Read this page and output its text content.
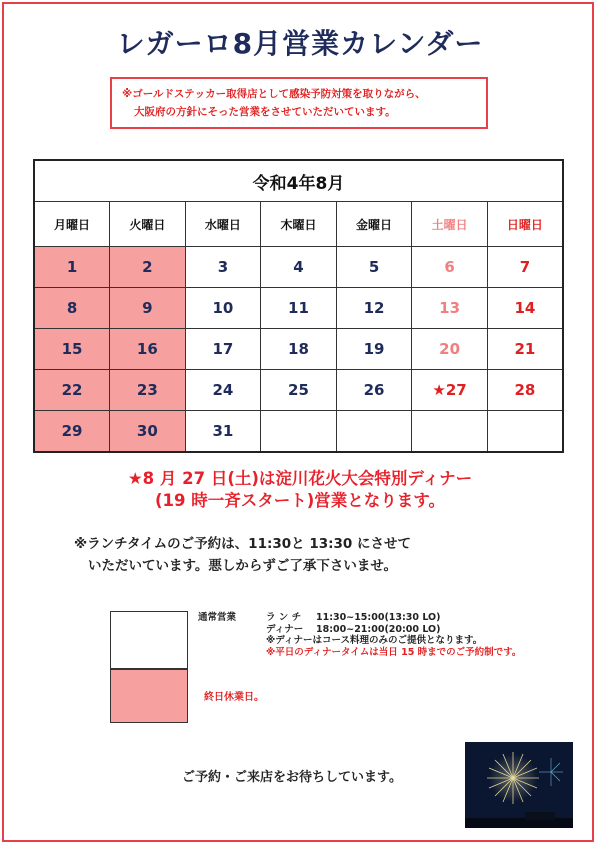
レガーロ8月営業カレンダー
※ゴールドステッカー取得店として感染予防対策を取りながら、
大阪府の方針にそった営業をさせていただいています。
令和4年8月						
月曜日	火曜日	水曜日	木曜日	金曜日	土曜日	日曜日
1	2	3	4	5	6	7
8	9	10	11	12	13	14
15	16	17	18	19	20	21
22	23	24	25	26	★27	28
29	30	31				
★8 月 27 日(土)は淀川花火大会特別ディナー
(19 時一斉スタート)営業となります。
※ランチタイムのご予約は、11:30と 13:30 にさせて
いただいています。悪しからずご了承下さいませ。
通常営業	ラ ン チ	11:30~15:00(13:30 LO)
ディナー	18:00~21:00(20:00 LO)
※ディナーはコース料理のみのご提供となります。
※平日のディナータイムは当日 15 時までのご予約制です。
終日休業日。
ご予約・ご来店をお待ちしています。
